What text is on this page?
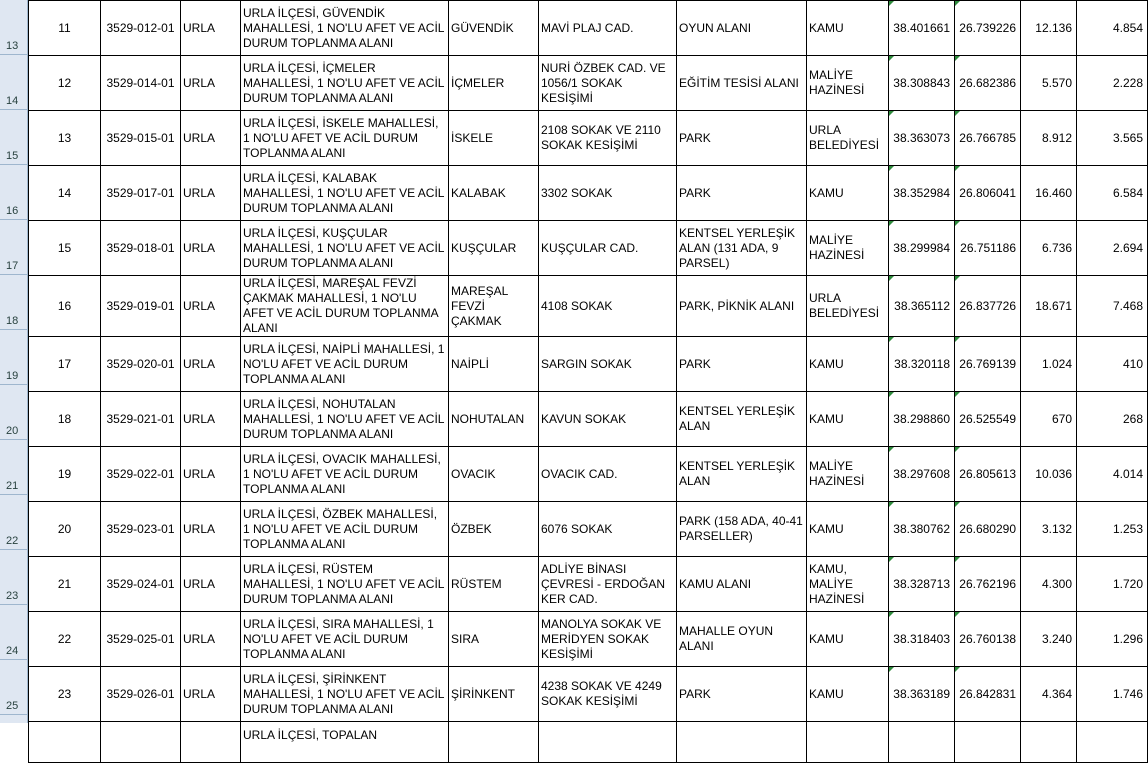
13
14
15
16
17
18
19
20
21
22
23
24
25
11	3529-012-01	URLA	URLA İLÇESİ, GÜVENDİK MAHALLESİ, 1 NO'LU AFET VE ACİL DURUM TOPLANMA ALANI	GÜVENDİK	MAVİ PLAJ CAD.	OYUN ALANI	KAMU	38.401661	26.739226	12.136	4.854
12	3529-014-01	URLA	URLA İLÇESİ, İÇMELER MAHALLESİ, 1 NO'LU AFET VE ACİL DURUM TOPLANMA ALANI	İÇMELER	NURİ ÖZBEK CAD. VE 1056/1 SOKAK KESİŞİMİ	EĞİTİM TESİSİ ALANI	MALİYE HAZİNESİ	38.308843	26.682386	5.570	2.228
13	3529-015-01	URLA	URLA İLÇESİ, İSKELE MAHALLESİ, 1 NO'LU AFET VE ACİL DURUM TOPLANMA ALANI	İSKELE	2108 SOKAK VE 2110 SOKAK KESİŞİMİ	PARK	URLA BELEDİYESİ	38.363073	26.766785	8.912	3.565
14	3529-017-01	URLA	URLA İLÇESİ, KALABAK MAHALLESİ, 1 NO'LU AFET VE ACİL DURUM TOPLANMA ALANI	KALABAK	3302 SOKAK	PARK	KAMU	38.352984	26.806041	16.460	6.584
15	3529-018-01	URLA	URLA İLÇESİ, KUŞÇULAR MAHALLESİ, 1 NO'LU AFET VE ACİL DURUM TOPLANMA ALANI	KUŞÇULAR	KUŞÇULAR CAD.	KENTSEL YERLEŞİK ALAN (131 ADA, 9 PARSEL)	MALİYE HAZİNESİ	38.299984	26.751186	6.736	2.694
16	3529-019-01	URLA	URLA İLÇESİ, MAREŞAL FEVZİ ÇAKMAK MAHALLESİ, 1 NO'LU AFET VE ACİL DURUM TOPLANMA ALANI	MAREŞAL FEVZİ ÇAKMAK	4108 SOKAK	PARK, PİKNİK ALANI	URLA BELEDİYESİ	38.365112	26.837726	18.671	7.468
17	3529-020-01	URLA	URLA İLÇESİ, NAİPLİ MAHALLESİ, 1 NO'LU AFET VE ACİL DURUM TOPLANMA ALANI	NAİPLİ	SARGIN SOKAK	PARK	KAMU	38.320118	26.769139	1.024	410
18	3529-021-01	URLA	URLA İLÇESİ, NOHUTALAN MAHALLESİ, 1 NO'LU AFET VE ACİL DURUM TOPLANMA ALANI	NOHUTALAN	KAVUN SOKAK	KENTSEL YERLEŞİK ALAN	KAMU	38.298860	26.525549	670	268
19	3529-022-01	URLA	URLA İLÇESİ, OVACIK MAHALLESİ, 1 NO'LU AFET VE ACİL DURUM TOPLANMA ALANI	OVACIK	OVACIK CAD.	KENTSEL YERLEŞİK ALAN	MALİYE HAZİNESİ	38.297608	26.805613	10.036	4.014
20	3529-023-01	URLA	URLA İLÇESİ, ÖZBEK MAHALLESİ, 1 NO'LU AFET VE ACİL DURUM TOPLANMA ALANI	ÖZBEK	6076 SOKAK	PARK (158 ADA, 40-41 PARSELLER)	KAMU	38.380762	26.680290	3.132	1.253
21	3529-024-01	URLA	URLA İLÇESİ, RÜSTEM MAHALLESİ, 1 NO'LU AFET VE ACİL DURUM TOPLANMA ALANI	RÜSTEM	ADLİYE BİNASI ÇEVRESİ - ERDOĞAN KER CAD.	KAMU ALANI	KAMU, MALİYE HAZİNESİ	38.328713	26.762196	4.300	1.720
22	3529-025-01	URLA	URLA İLÇESİ, SIRA MAHALLESİ, 1 NO'LU AFET VE ACİL DURUM TOPLANMA ALANI	SIRA	MANOLYA SOKAK VE MERİDYEN SOKAK KESİŞİMİ	MAHALLE OYUN ALANI	KAMU	38.318403	26.760138	3.240	1.296
23	3529-026-01	URLA	URLA İLÇESİ, ŞİRİNKENT MAHALLESİ, 1 NO'LU AFET VE ACİL DURUM TOPLANMA ALANI	ŞİRİNKENT	4238 SOKAK VE 4249 SOKAK KESİŞİMİ	PARK	KAMU	38.363189	26.842831	4.364	1.746

			URLA İLÇESİ, TOPALAN								
